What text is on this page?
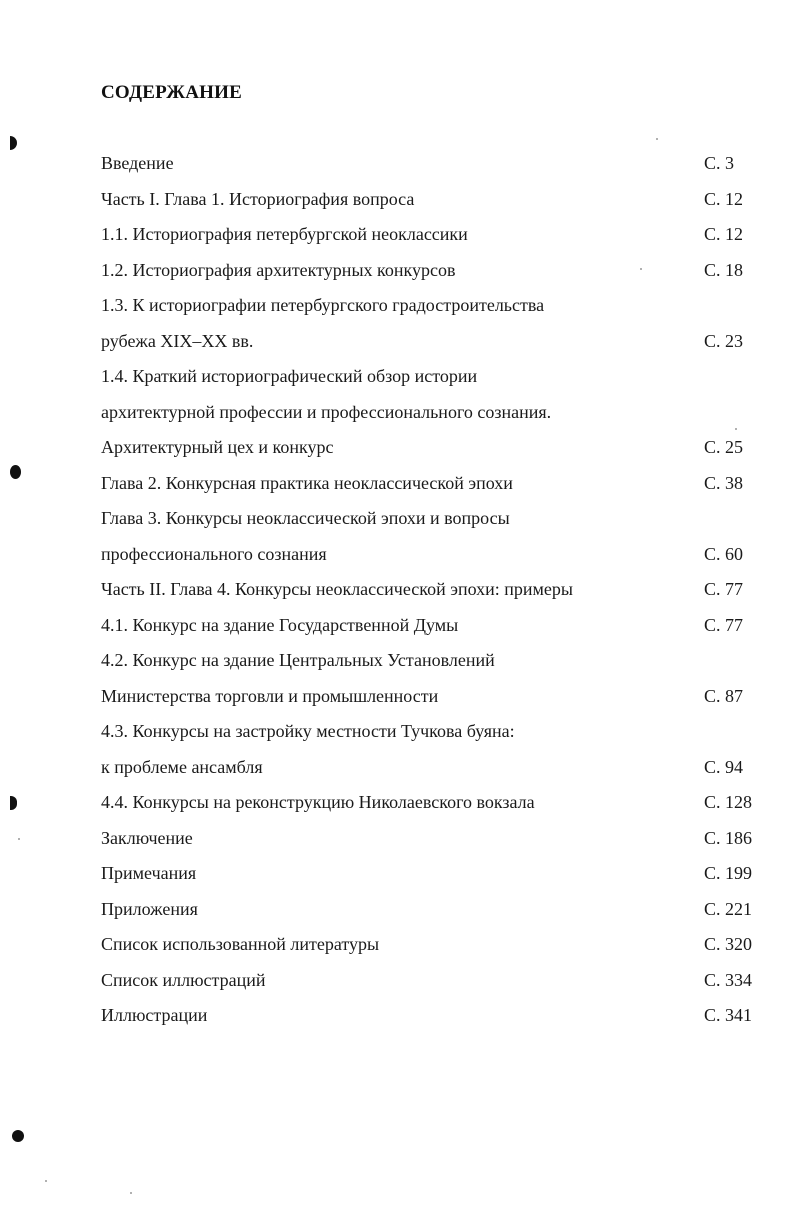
СОДЕРЖАНИЕ
Введение	С. 3
Часть I. Глава 1. Историография вопроса	С. 12
1.1. Историография петербургской неоклассики	С. 12
1.2. Историография архитектурных конкурсов	С. 18
1.3. К историографии петербургского градостроительства
рубежа XIX–XX вв.	С. 23
1.4. Краткий историографический обзор истории
архитектурной профессии и профессионального сознания.
Архитектурный цех и конкурс	С. 25
Глава 2. Конкурсная практика неоклассической эпохи	С. 38
Глава 3. Конкурсы неоклассической эпохи и вопросы
профессионального сознания	С. 60
Часть II. Глава 4. Конкурсы неоклассической эпохи: примеры	С. 77
4.1. Конкурс на здание Государственной Думы	С. 77
4.2. Конкурс на здание Центральных Установлений
Министерства торговли и промышленности	С. 87
4.3. Конкурсы на застройку местности Тучкова буяна:
к проблеме ансамбля	С. 94
4.4. Конкурсы на реконструкцию Николаевского вокзала	С. 128
Заключение	С. 186
Примечания	С. 199
Приложения	С. 221
Список использованной литературы	С. 320
Список иллюстраций	С. 334
Иллюстрации	С. 341
